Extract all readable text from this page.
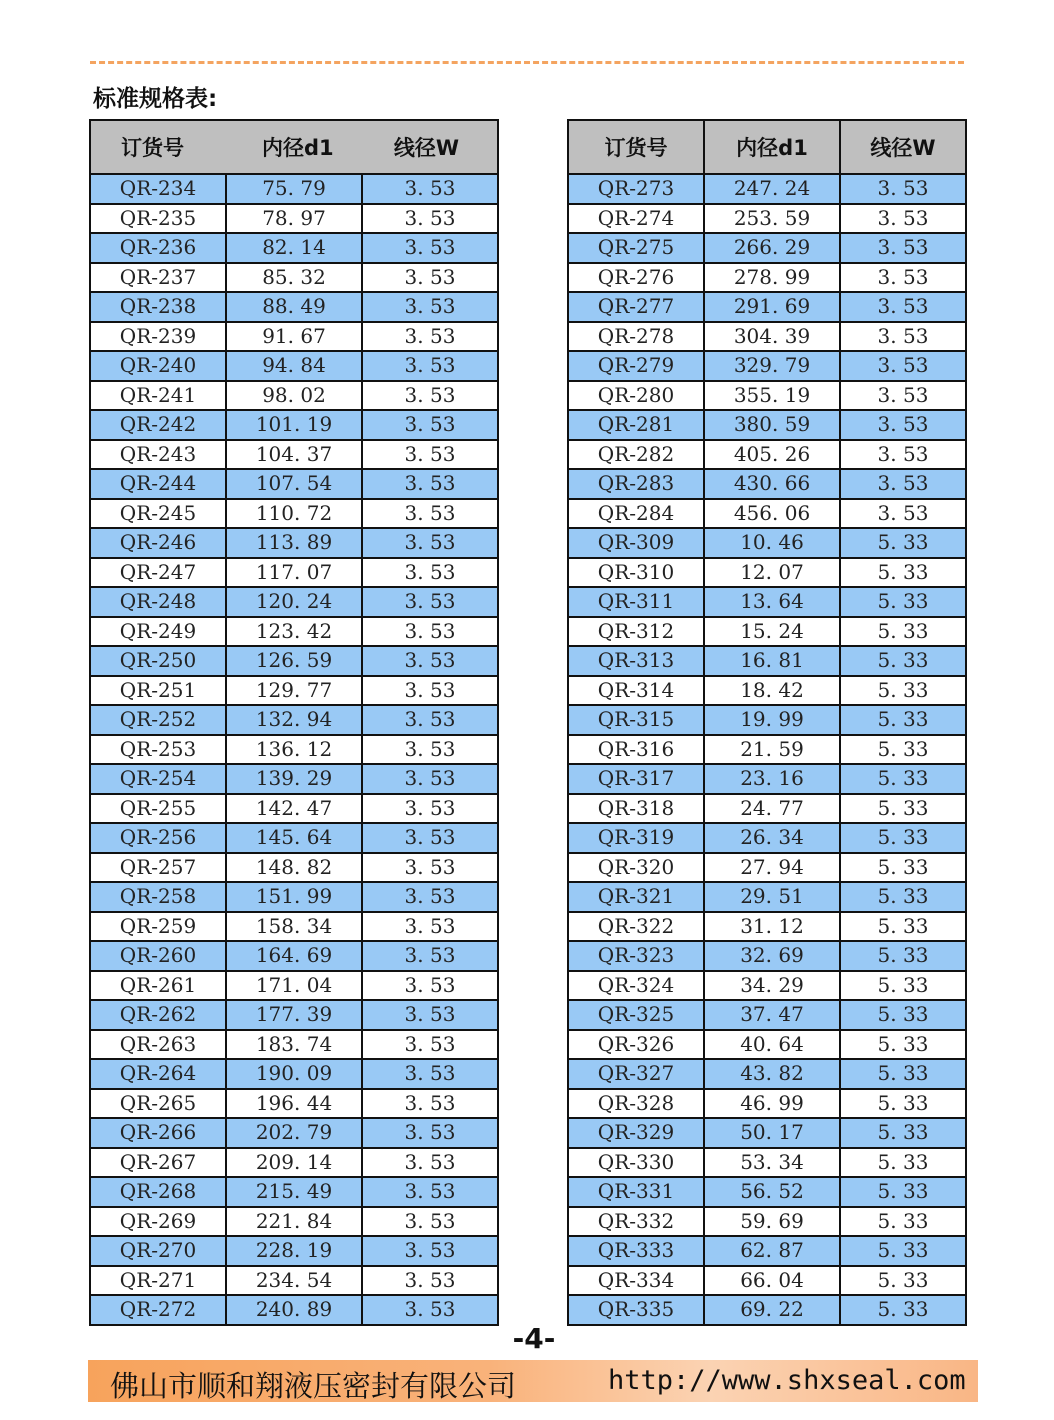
标准规格表:
订货号	内径d1	线径W
QR-234	75. 79	3. 53
QR-235	78. 97	3. 53
QR-236	82. 14	3. 53
QR-237	85. 32	3. 53
QR-238	88. 49	3. 53
QR-239	91. 67	3. 53
QR-240	94. 84	3. 53
QR-241	98. 02	3. 53
QR-242	101. 19	3. 53
QR-243	104. 37	3. 53
QR-244	107. 54	3. 53
QR-245	110. 72	3. 53
QR-246	113. 89	3. 53
QR-247	117. 07	3. 53
QR-248	120. 24	3. 53
QR-249	123. 42	3. 53
QR-250	126. 59	3. 53
QR-251	129. 77	3. 53
QR-252	132. 94	3. 53
QR-253	136. 12	3. 53
QR-254	139. 29	3. 53
QR-255	142. 47	3. 53
QR-256	145. 64	3. 53
QR-257	148. 82	3. 53
QR-258	151. 99	3. 53
QR-259	158. 34	3. 53
QR-260	164. 69	3. 53
QR-261	171. 04	3. 53
QR-262	177. 39	3. 53
QR-263	183. 74	3. 53
QR-264	190. 09	3. 53
QR-265	196. 44	3. 53
QR-266	202. 79	3. 53
QR-267	209. 14	3. 53
QR-268	215. 49	3. 53
QR-269	221. 84	3. 53
QR-270	228. 19	3. 53
QR-271	234. 54	3. 53
QR-272	240. 89	3. 53
订货号	内径d1	线径W
QR-273	247. 24	3. 53
QR-274	253. 59	3. 53
QR-275	266. 29	3. 53
QR-276	278. 99	3. 53
QR-277	291. 69	3. 53
QR-278	304. 39	3. 53
QR-279	329. 79	3. 53
QR-280	355. 19	3. 53
QR-281	380. 59	3. 53
QR-282	405. 26	3. 53
QR-283	430. 66	3. 53
QR-284	456. 06	3. 53
QR-309	10. 46	5. 33
QR-310	12. 07	5. 33
QR-311	13. 64	5. 33
QR-312	15. 24	5. 33
QR-313	16. 81	5. 33
QR-314	18. 42	5. 33
QR-315	19. 99	5. 33
QR-316	21. 59	5. 33
QR-317	23. 16	5. 33
QR-318	24. 77	5. 33
QR-319	26. 34	5. 33
QR-320	27. 94	5. 33
QR-321	29. 51	5. 33
QR-322	31. 12	5. 33
QR-323	32. 69	5. 33
QR-324	34. 29	5. 33
QR-325	37. 47	5. 33
QR-326	40. 64	5. 33
QR-327	43. 82	5. 33
QR-328	46. 99	5. 33
QR-329	50. 17	5. 33
QR-330	53. 34	5. 33
QR-331	56. 52	5. 33
QR-332	59. 69	5. 33
QR-333	62. 87	5. 33
QR-334	66. 04	5. 33
QR-335	69. 22	5. 33
-4-
佛山市顺和翔液压密封有限公司	http://www.shxseal.com
